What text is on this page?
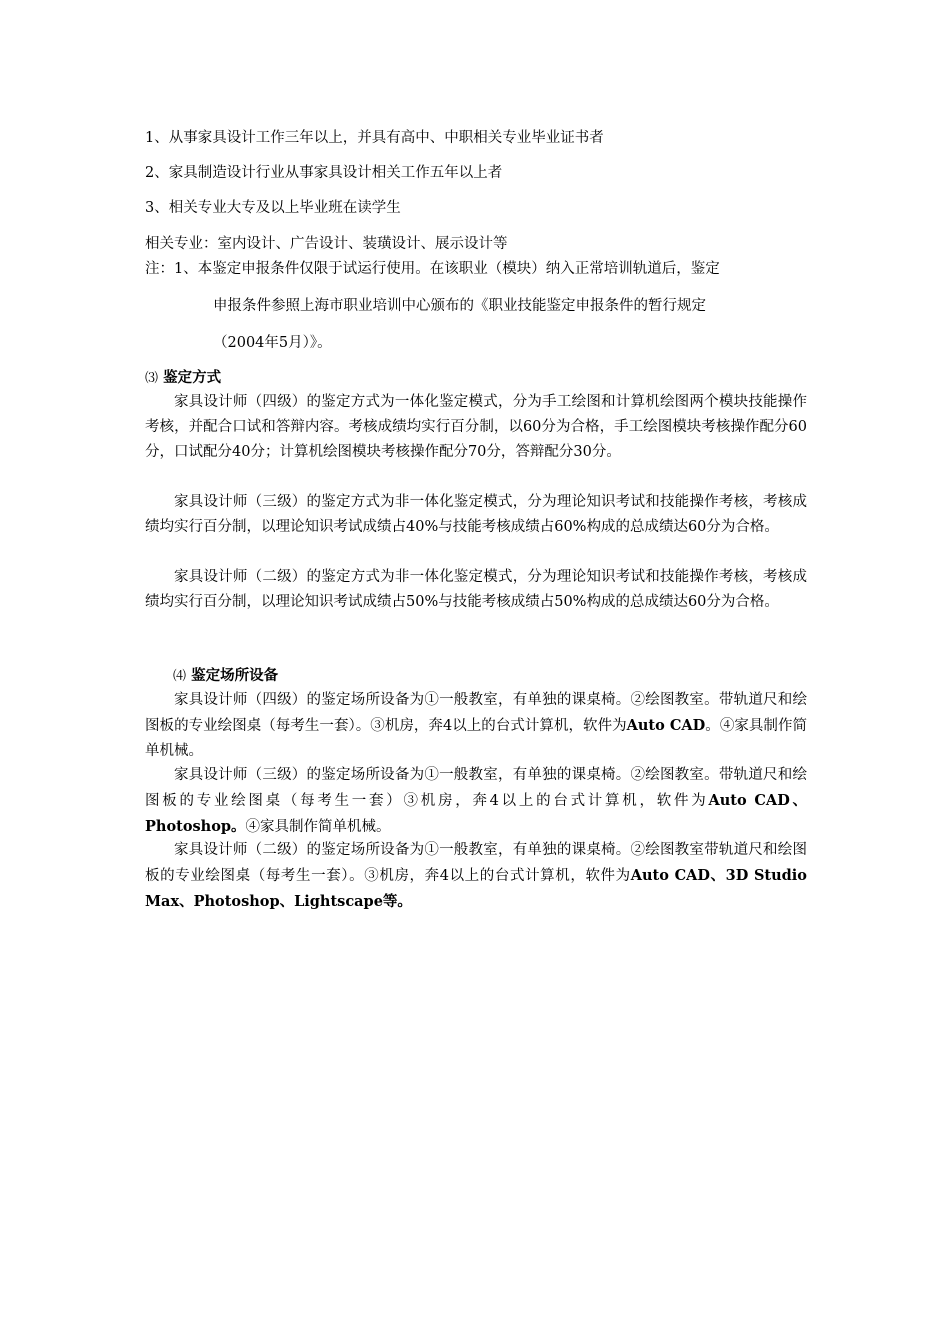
1、从事家具设计工作三年以上，并具有高中、中职相关专业毕业证书者
2、家具制造设计行业从事家具设计相关工作五年以上者
3、相关专业大专及以上毕业班在读学生
相关专业：室内设计、广告设计、装璜设计、展示设计等
注：1、本鉴定申报条件仅限于试运行使用。在该职业（模块）纳入正常培训轨道后，鉴定
申报条件参照上海市职业培训中心颁布的《职业技能鉴定申报条件的暂行规定
（2004年5月）》。
⑶ 鉴定方式
家具设计师（四级）的鉴定方式为一体化鉴定模式，分为手工绘图和计算机绘图两个模块技能操作考核，并配合口试和答辩内容。考核成绩均实行百分制，以60分为合格，手工绘图模块考核操作配分60分，口试配分40分；计算机绘图模块考核操作配分70分，答辩配分30分。
家具设计师（三级）的鉴定方式为非一体化鉴定模式，分为理论知识考试和技能操作考核，考核成绩均实行百分制，以理论知识考试成绩占40%与技能考核成绩占60%构成的总成绩达60分为合格。
家具设计师（二级）的鉴定方式为非一体化鉴定模式，分为理论知识考试和技能操作考核，考核成绩均实行百分制，以理论知识考试成绩占50%与技能考核成绩占50%构成的总成绩达60分为合格。
⑷ 鉴定场所设备
家具设计师（四级）的鉴定场所设备为①一般教室，有单独的课桌椅。②绘图教室。带轨道尺和绘图板的专业绘图桌（每考生一套）。③机房，奔4以上的台式计算机，软件为Auto CAD。④家具制作简单机械。
家具设计师（三级）的鉴定场所设备为①一般教室，有单独的课桌椅。②绘图教室。带轨道尺和绘图板的专业绘图桌（每考生一套）③机房，奔4以上的台式计算机，软件为Auto CAD、Photoshop。④家具制作简单机械。
家具设计师（二级）的鉴定场所设备为①一般教室，有单独的课桌椅。②绘图教室带轨道尺和绘图板的专业绘图桌（每考生一套）。③机房，奔4以上的台式计算机，软件为Auto CAD、3D Studio Max、Photoshop、Lightscape等。
